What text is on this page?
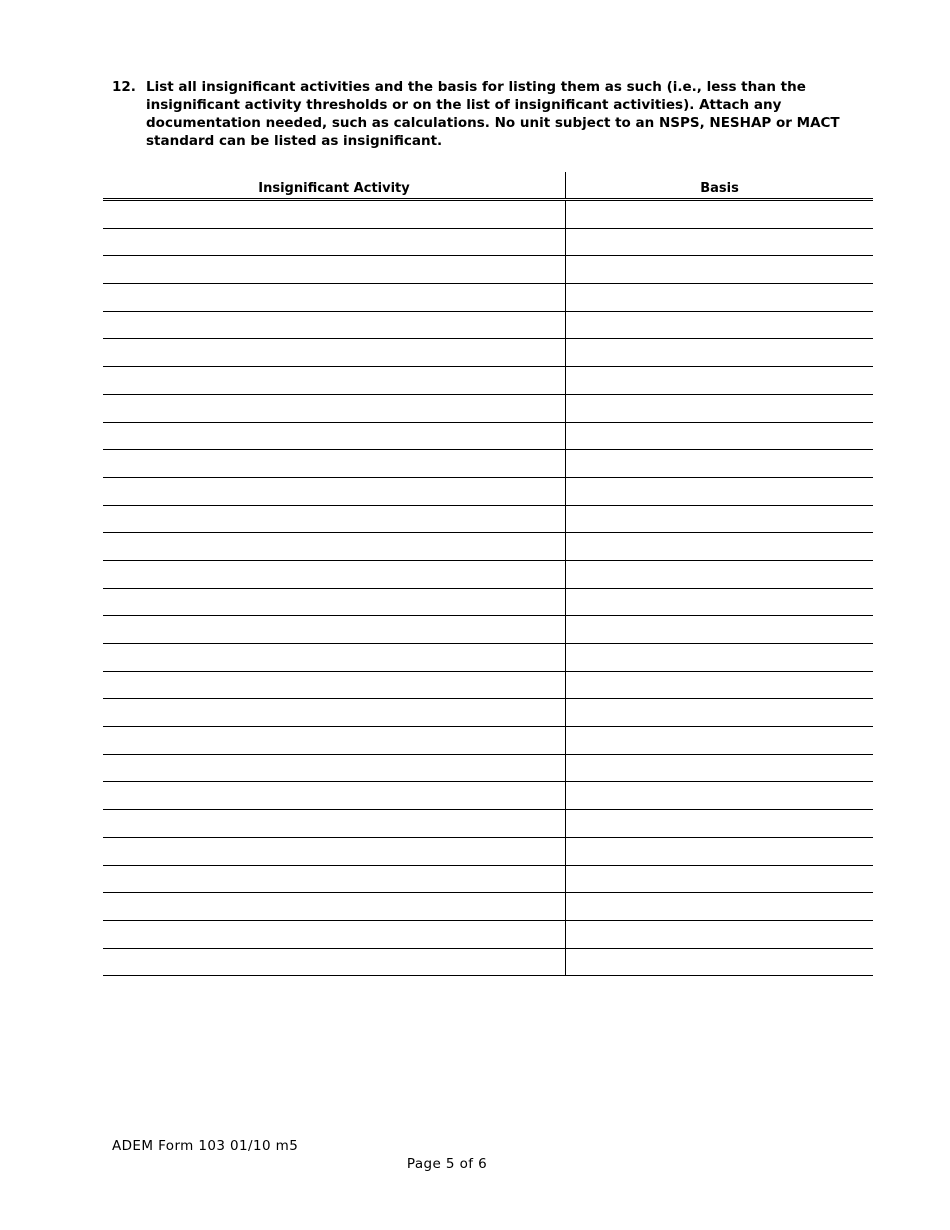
12. List all insignificant activities and the basis for listing them as such (i.e., less than the insignificant activity thresholds or on the list of insignificant activities). Attach any documentation needed, such as calculations. No unit subject to an NSPS, NESHAP or MACT standard can be listed as insignificant.
Insignificant Activity	Basis
ADEM Form 103 01/10 m5
Page 5 of 6
